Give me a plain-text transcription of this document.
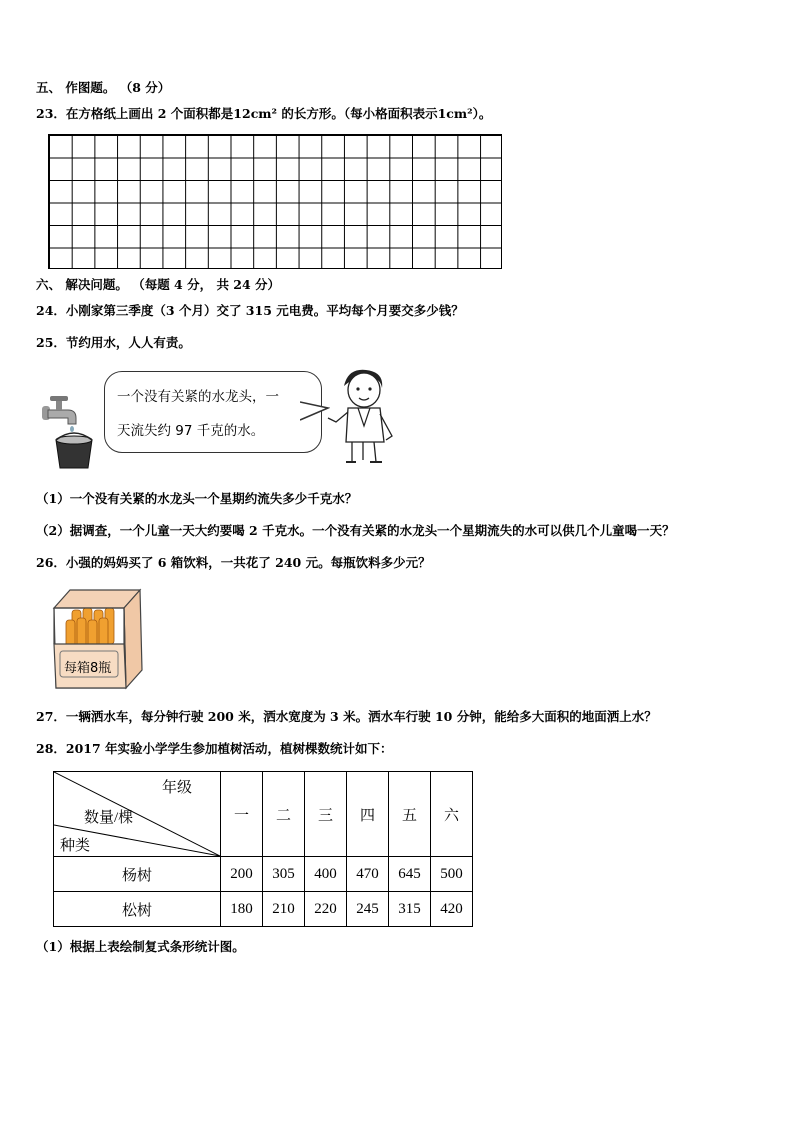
五、 作图题。 （8 分）
23．在方格纸上画出 2 个面积都是12cm² 的长方形。（每小格面积表示1cm²）。
六、 解决问题。 （每题 4 分， 共 24 分）
24．小刚家第三季度（3 个月）交了 315 元电费。平均每个月要交多少钱？
25．节约用水，人人有责。
一个没有关紧的水龙头，一
天流失约 97 千克的水。
（1）一个没有关紧的水龙头一个星期约流失多少千克水？
（2）据调查，一个儿童一天大约要喝 2 千克水。一个没有关紧的水龙头一个星期流失的水可以供几个儿童喝一天？
26．小强的妈妈买了 6 箱饮料，一共花了 240 元。每瓶饮料多少元？
每箱8瓶
27．一辆洒水车，每分钟行驶 200 米，洒水宽度为 3 米。洒水车行驶 10 分钟，能给多大面积的地面洒上水？
28．2017 年实验小学学生参加植树活动，植树棵数统计如下：
年级
数量/棵
种类	一	二	三	四	五	六
杨树	200	305	400	470	645	500
松树	180	210	220	245	315	420
（1）根据上表绘制复式条形统计图。
